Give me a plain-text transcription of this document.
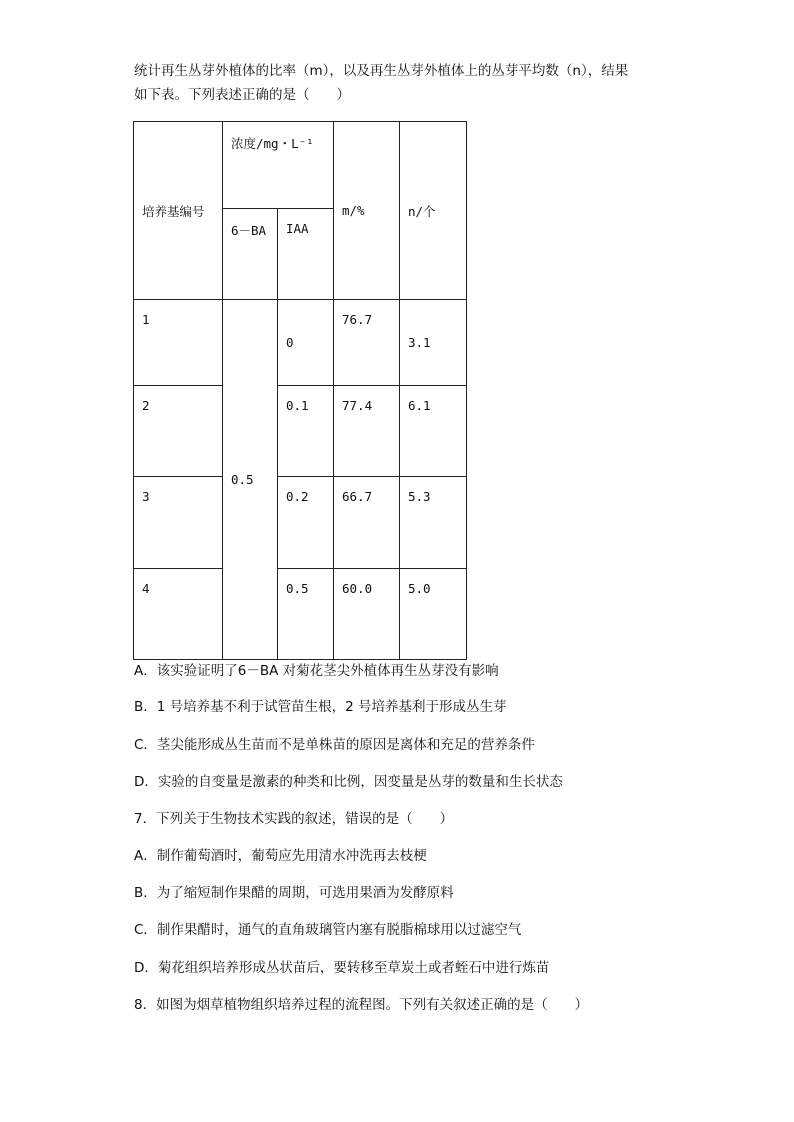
统计再生丛芽外植体的比率（m），以及再生丛芽外植体上的丛芽平均数（n），结果
如下表。下列表述正确的是（　　）
培养基编号	浓度/mg・L⁻¹		m/%	n/个
	6－BA	IAA		
1	0.5	0	76.7	3.1
2		0.1	77.4	6.1
3		0.2	66.7	5.3
4		0.5	60.0	5.0
A．该实验证明了6－BA 对菊花茎尖外植体再生丛芽没有影响
B．1 号培养基不利于试管苗生根，2 号培养基利于形成丛生芽
C．茎尖能形成丛生苗而不是单株苗的原因是离体和充足的营养条件
D．实验的自变量是激素的种类和比例，因变量是丛芽的数量和生长状态
7．下列关于生物技术实践的叙述，错误的是（　　）
A．制作葡萄酒时，葡萄应先用清水冲洗再去枝梗
B．为了缩短制作果醋的周期，可选用果酒为发酵原料
C．制作果醋时，通气的直角玻璃管内塞有脱脂棉球用以过滤空气
D．菊花组织培养形成丛状苗后，要转移至草炭土或者蛭石中进行炼苗
8．如图为烟草植物组织培养过程的流程图。下列有关叙述正确的是（　　）
